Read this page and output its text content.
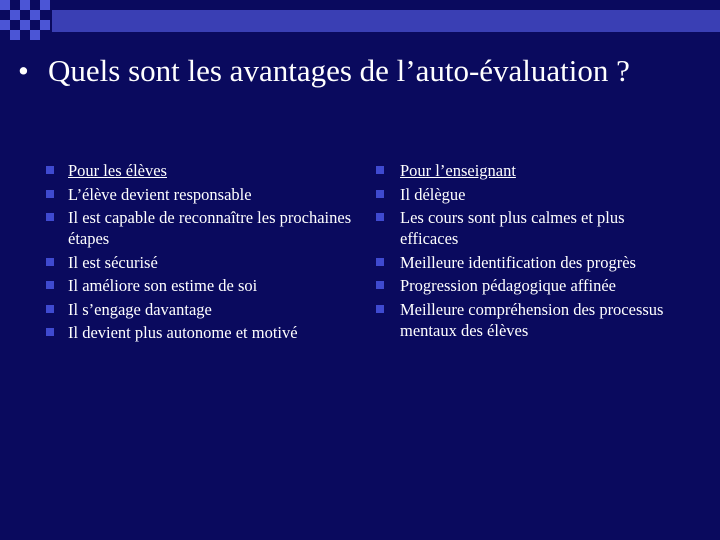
• Quels sont les avantages de l’auto-évaluation ?
Pour les élèves
L’élève devient responsable
Il est capable de reconnaître les prochaines étapes
Il est sécurisé
Il améliore son estime de soi
Il s’engage davantage
Il devient plus autonome et motivé
Pour l’enseignant
Il délègue
Les cours sont plus calmes et plus efficaces
Meilleure identification des progrès
Progression pédagogique affinée
Meilleure compréhension des processus mentaux des élèves
